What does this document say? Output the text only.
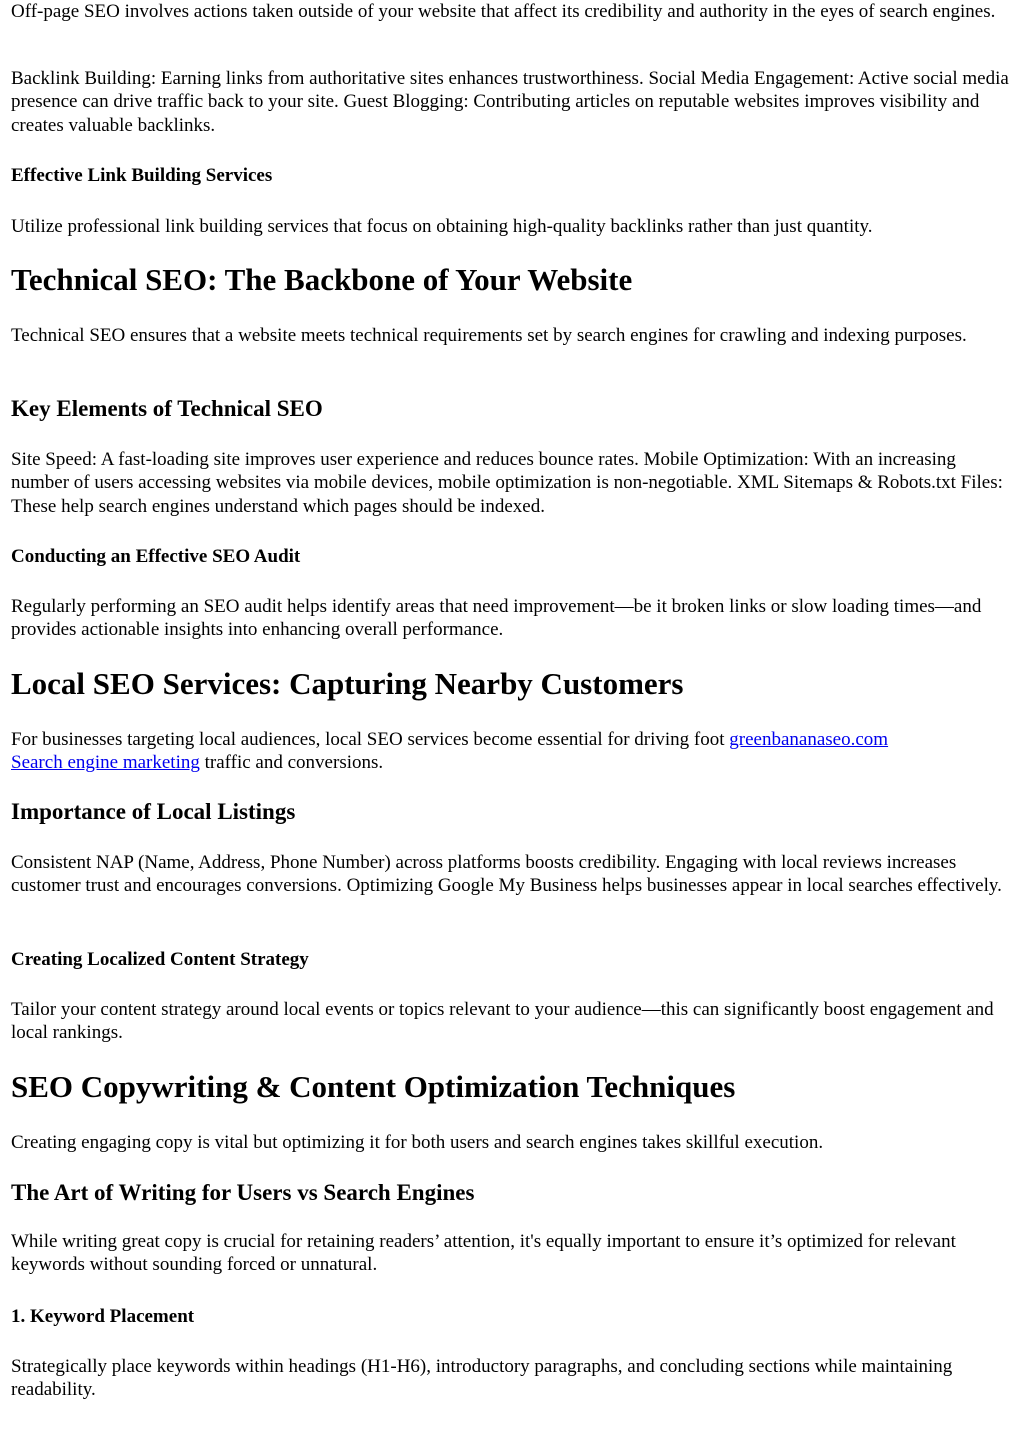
Off-page SEO involves actions taken outside of your website that affect its credibility and authority in the eyes of search engines.

Backlink Building: Earning links from authoritative sites enhances trustworthiness. Social Media Engagement: Active social media presence can drive traffic back to your site. Guest Blogging: Contributing articles on reputable websites improves visibility and creates valuable backlinks.

Effective Link Building Services

Utilize professional link building services that focus on obtaining high-quality backlinks rather than just quantity.

Technical SEO: The Backbone of Your Website

Technical SEO ensures that a website meets technical requirements set by search engines for crawling and indexing purposes.

Key Elements of Technical SEO

Site Speed: A fast-loading site improves user experience and reduces bounce rates. Mobile Optimization: With an increasing number of users accessing websites via mobile devices, mobile optimization is non-negotiable. XML Sitemaps & Robots.txt Files: These help search engines understand which pages should be indexed.

Conducting an Effective SEO Audit

Regularly performing an SEO audit helps identify areas that need improvement—be it broken links or slow loading times—and provides actionable insights into enhancing overall performance.

Local SEO Services: Capturing Nearby Customers

For businesses targeting local audiences, local SEO services become essential for driving foot greenbananaseo.com
Search engine marketing traffic and conversions.

Importance of Local Listings

Consistent NAP (Name, Address, Phone Number) across platforms boosts credibility. Engaging with local reviews increases customer trust and encourages conversions. Optimizing Google My Business helps businesses appear in local searches effectively.

Creating Localized Content Strategy

Tailor your content strategy around local events or topics relevant to your audience—this can significantly boost engagement and local rankings.

SEO Copywriting & Content Optimization Techniques

Creating engaging copy is vital but optimizing it for both users and search engines takes skillful execution.

The Art of Writing for Users vs Search Engines

While writing great copy is crucial for retaining readers’ attention, it's equally important to ensure it’s optimized for relevant keywords without sounding forced or unnatural.

1. Keyword Placement

Strategically place keywords within headings (H1-H6), introductory paragraphs, and concluding sections while maintaining readability.
